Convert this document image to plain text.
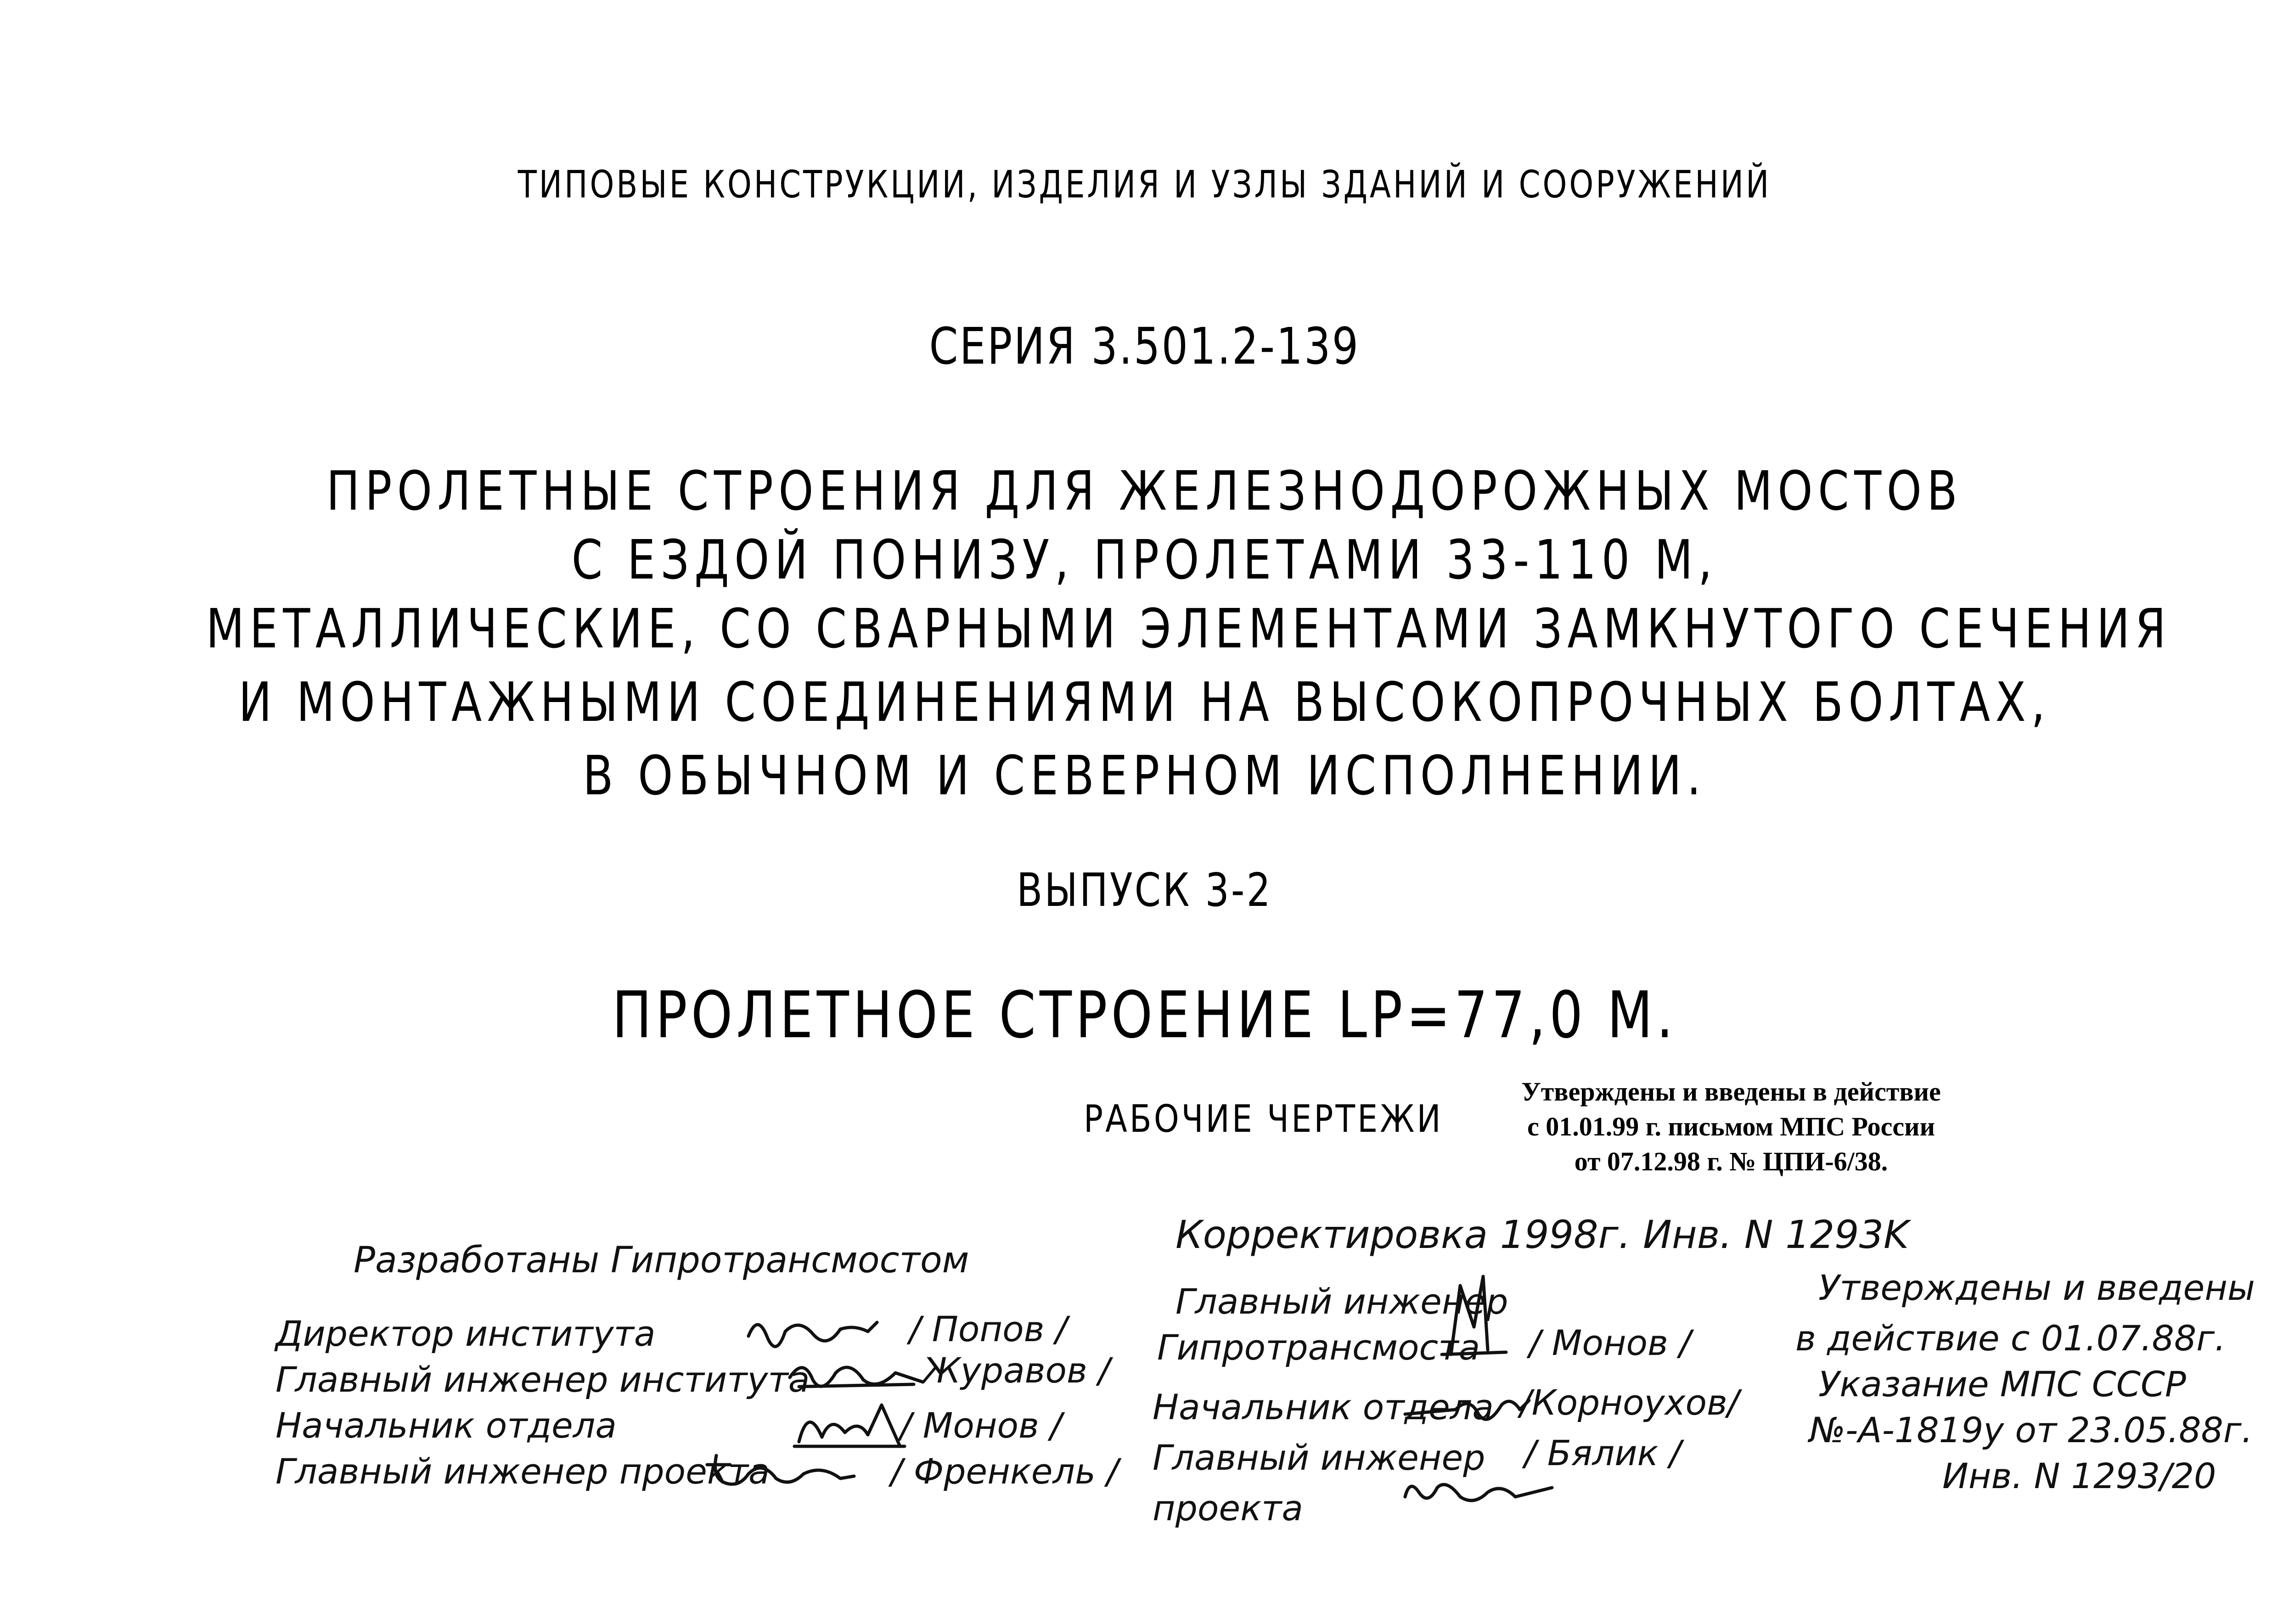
ТИПОВЫЕ КОНСТРУКЦИИ, ИЗДЕЛИЯ И УЗЛЫ ЗДАНИЙ И СООРУЖЕНИЙ
СЕРИЯ 3.501.2-139
ПРОЛЕТНЫЕ СТРОЕНИЯ ДЛЯ ЖЕЛЕЗНОДОРОЖНЫХ МОСТОВ
С ЕЗДОЙ ПОНИЗУ, ПРОЛЕТАМИ 33-110 М,
МЕТАЛЛИЧЕСКИЕ, СО СВАРНЫМИ ЭЛЕМЕНТАМИ ЗАМКНУТОГО СЕЧЕНИЯ
И МОНТАЖНЫМИ СОЕДИНЕНИЯМИ НА ВЫСОКОПРОЧНЫХ БОЛТАХ,
В ОБЫЧНОМ И СЕВЕРНОМ ИСПОЛНЕНИИ.
ВЫПУСК 3-2
ПРОЛЕТНОЕ СТРОЕНИЕ LP=77,0 М.
РАБОЧИЕ ЧЕРТЕЖИ
Утверждены и введены в действие
с 01.01.99 г. письмом МПС России
от 07.12.98 г. № ЦПИ-6/38.
Разработаны Гипротрансмостом
Директор института	/ Попов /
Главный инженер института	Журавов /
Начальник отдела	/ Монов /
Главный инженер проекта	/ Френкель /
Корректировка 1998г. Инв. N 1293K
Главный инженер
Гипротрансмоста / Монов /
Начальник отдела /Корноухов/
Главный инженер
проекта
/ Бялик /
Утверждены и введены
в действие с 01.07.88г.
Указание МПС СССР
№-А-1819у от 23.05.88г.
Инв. N 1293/20
